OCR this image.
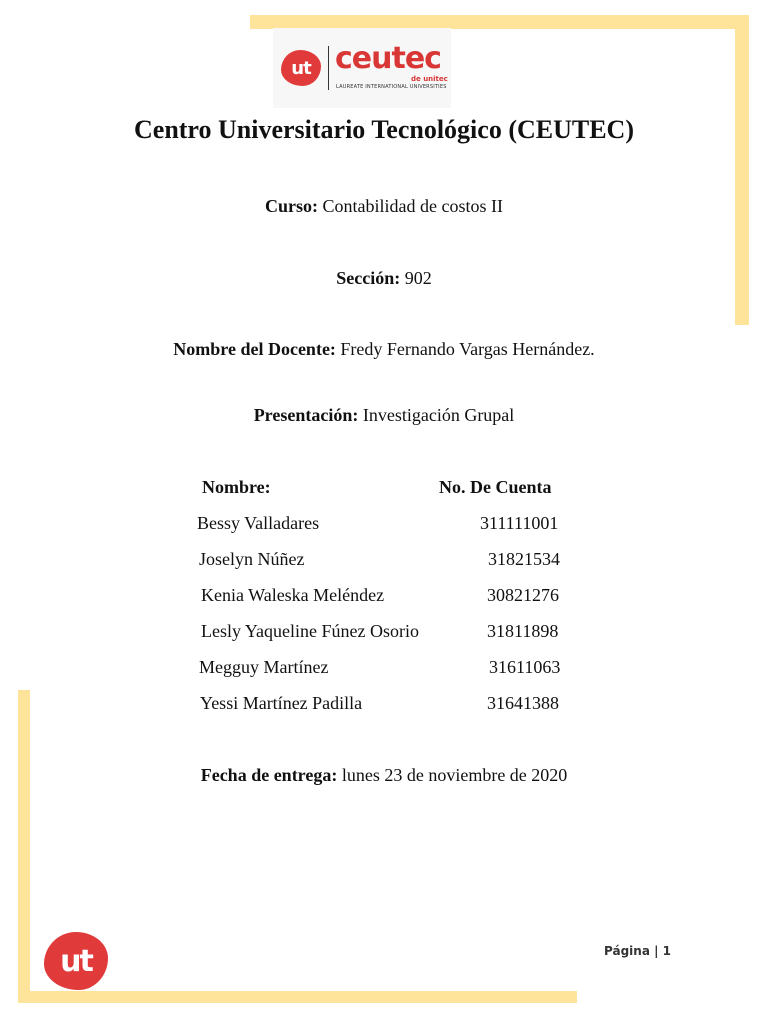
ut ceutec
de unitec
LAUREATE INTERNATIONAL UNIVERSITIES
Centro Universitario Tecnológico (CEUTEC)
Curso: Contabilidad de costos II
Sección: 902
Nombre del Docente: Fredy Fernando Vargas Hernández.
Presentación: Investigación Grupal
Nombre:	No. De Cuenta
Bessy Valladares	311111001
Joselyn Núñez	31821534
Kenia Waleska Meléndez	30821276
Lesly Yaqueline Fúnez Osorio	31811898
Megguy Martínez	31611063
Yessi Martínez Padilla	31641388
Fecha de entrega: lunes 23 de noviembre de 2020
ut	Página | 1
